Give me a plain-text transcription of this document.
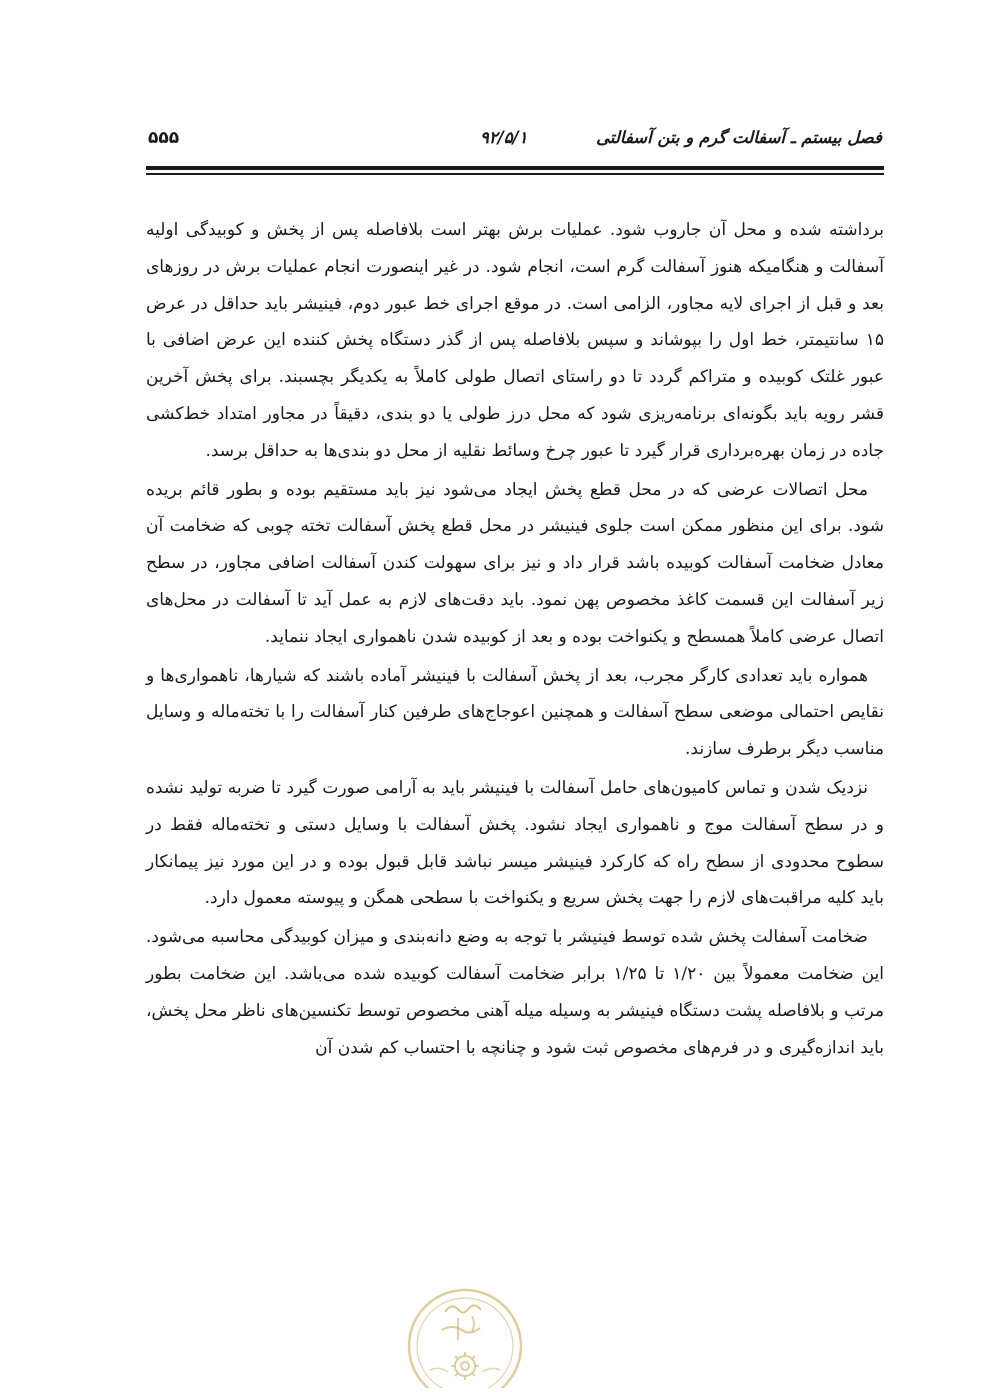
فصل بیستم ـ آسفالت گرم و بتن آسفالتی
۹۲/۵/۱
۵۵۵

برداشته شده و محل آن جاروب شود. عملیات برش بهتر است بلافاصله پس از پخش و کوبیدگی اولیه آسفالت و هنگامیکه هنوز آسفالت گرم است، انجام شود. در غیر اینصورت انجام عملیات برش در روزهای بعد و قبل از اجرای لایه مجاور، الزامی است. در موقع اجرای خط عبور دوم، فینیشر باید حداقل در عرض ۱۵ سانتیمتر، خط اول را بپوشاند و سپس بلافاصله پس از گذر دستگاه پخش کننده این عرض اضافی با عبور غلتک کوبیده و متراکم گردد تا دو راستای اتصال طولی کاملاً به یکدیگر بچسبند. برای پخش آخرین قشر رویه باید بگونه‌ای برنامه‌ریزی شود که محل درز طولی یا دو بندی، دقیقاً در مجاور امتداد خط‌کشی جاده در زمان بهره‌برداری قرار گیرد تا عبور چرخ وسائط نقلیه از محل دو بندی‌ها به حداقل برسد.

محل اتصالات عرضی که در محل قطع پخش ایجاد می‌شود نیز باید مستقیم بوده و بطور قائم بریده شود. برای این منظور ممکن است جلوی فینیشر در محل قطع پخش آسفالت تخته چوبی که ضخامت آن معادل ضخامت آسفالت کوبیده باشد قرار داد و نیز برای سهولت کندن آسفالت اضافی مجاور، در سطح زیر آسفالت این قسمت کاغذ مخصوص پهن نمود. باید دقت‌های لازم به عمل آید تا آسفالت در محل‌های اتصال عرضی کاملاً همسطح و یکنواخت بوده و بعد از کوبیده شدن ناهمواری ایجاد ننماید.

همواره باید تعدادی کارگر مجرب، بعد از پخش آسفالت با فینیشر آماده باشند که شیارها، ناهمواری‌ها و نقایص احتمالی موضعی سطح آسفالت و همچنین اعوجاج‌های طرفین کنار آسفالت را با تخته‌ماله و وسایل مناسب دیگر برطرف سازند.

نزدیک شدن و تماس کامیون‌های حامل آسفالت با فینیشر باید به آرامی صورت گیرد تا ضربه تولید نشده و در سطح آسفالت موج و ناهمواری ایجاد نشود. پخش آسفالت با وسایل دستی و تخته‌ماله فقط در سطوح محدودی از سطح راه که کارکرد فینیشر میسر نباشد قابل قبول بوده و در این مورد نیز پیمانکار باید کلیه مراقبت‌های لازم را جهت پخش سریع و یکنواخت با سطحی همگن و پیوسته معمول دارد.

ضخامت آسفالت پخش شده توسط فینیشر با توجه به وضع دانه‌بندی و میزان کوبیدگی محاسبه می‌شود. این ضخامت معمولاً بین ۱/۲۰ تا ۱/۲۵ برابر ضخامت آسفالت کوبیده شده می‌باشد. این ضخامت بطور مرتب و بلافاصله پشت دستگاه فینیشر به وسیله میله آهنی مخصوص توسط تکنسین‌های ناظر محل پخش، باید اندازه‌گیری و در فرم‌های مخصوص ثبت شود و چنانچه با احتساب کم شدن آن
